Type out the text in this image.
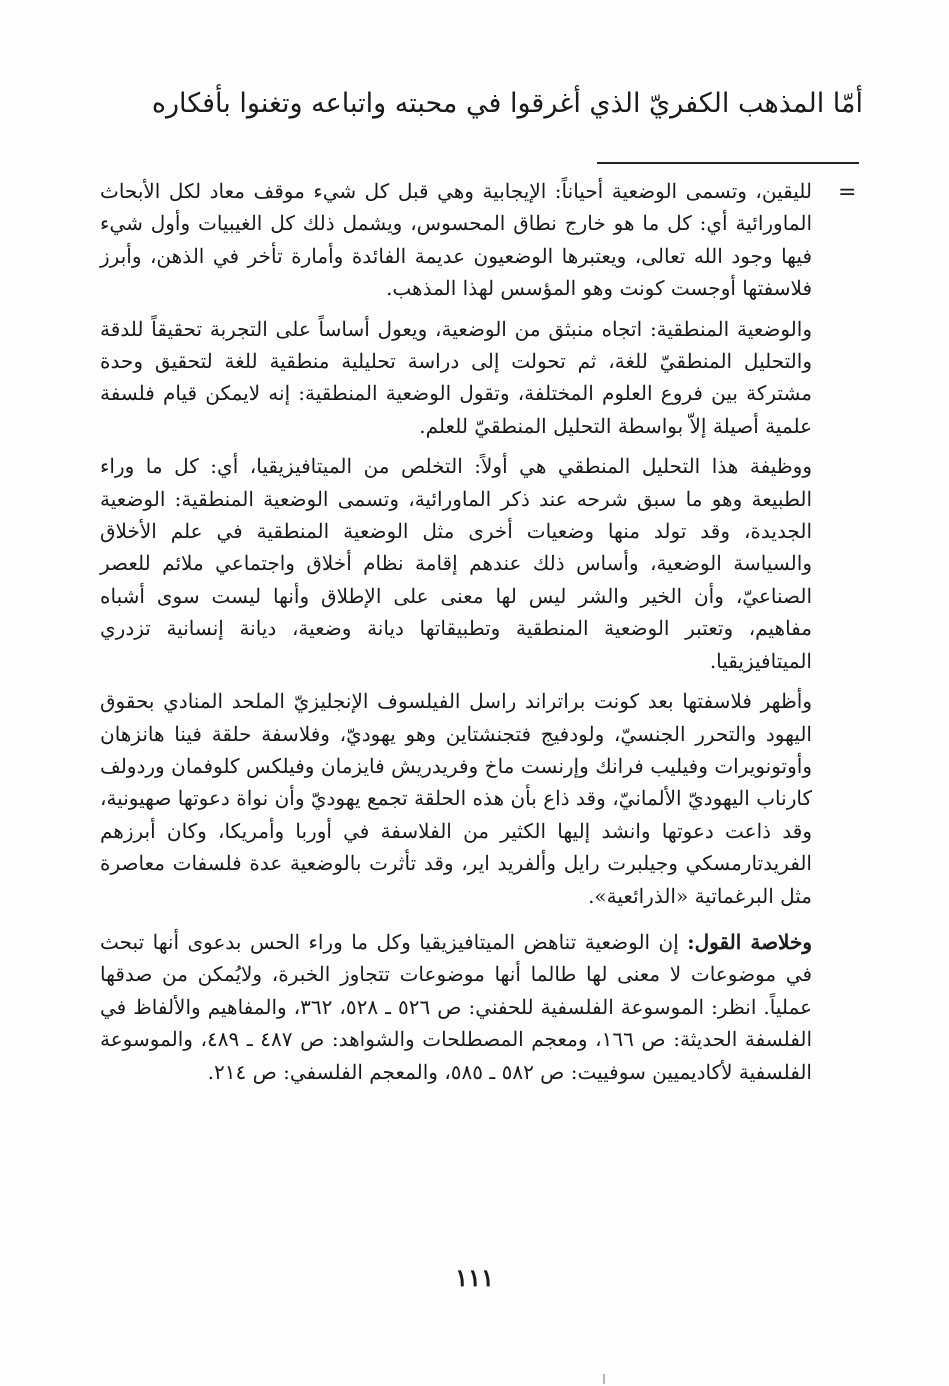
أمّا المذهب الكفريّ الذي أغرقوا في محبته واتباعه وتغنوا بأفكاره
=

لليقين، وتسمى الوضعية أحياناً: الإيجابية وهي قبل كل شيء موقف معاد لكل الأبحاث الماورائية أي: كل ما هو خارج نطاق المحسوس، ويشمل ذلك كل الغيبيات وأول شيء فيها وجود الله تعالى، ويعتبرها الوضعيون عديمة الفائدة وأمارة تأخر في الذهن، وأبرز فلاسفتها أوجست كونت وهو المؤسس لهذا المذهب.

والوضعية المنطقية: اتجاه منبثق من الوضعية، ويعول أساساً على التجربة تحقيقاً للدقة والتحليل المنطقيّ للغة، ثم تحولت إلى دراسة تحليلية منطقية للغة لتحقيق وحدة مشتركة بين فروع العلوم المختلفة، وتقول الوضعية المنطقية: إنه لايمكن قيام فلسفة علمية أصيلة إلاّ بواسطة التحليل المنطقيّ للعلم.

ووظيفة هذا التحليل المنطقي هي أولاً: التخلص من الميتافيزيقيا، أي: كل ما وراء الطبيعة وهو ما سبق شرحه عند ذكر الماورائية، وتسمى الوضعية المنطقية: الوضعية الجديدة، وقد تولد منها وضعيات أخرى مثل الوضعية المنطقية في علم الأخلاق والسياسة الوضعية، وأساس ذلك عندهم إقامة نظام أخلاق واجتماعي ملائم للعصر الصناعيّ، وأن الخير والشر ليس لها معنى على الإطلاق وأنها ليست سوى أشباه مفاهيم، وتعتبر الوضعية المنطقية وتطبيقاتها ديانة وضعية، ديانة إنسانية تزدري الميتافيزيقيا.

وأظهر فلاسفتها بعد كونت براتراند راسل الفيلسوف الإنجليزيّ الملحد المنادي بحقوق اليهود والتحرر الجنسيّ، ولودفيج فتجنشتاين وهو يهوديّ، وفلاسفة حلقة فينا هانزهان وأوتونويرات وفيليب فرانك وإرنست ماخ وفريدريش فايزمان وفيلكس كلوفمان وردولف كارناب اليهوديّ الألمانيّ، وقد ذاع بأن هذه الحلقة تجمع يهوديّ وأن نواة دعوتها صهيونية، وقد ذاعت دعوتها وانشد إليها الكثير من الفلاسفة في أوربا وأمريكا، وكان أبرزهم الفريدتارمسكي وجيلبرت رايل وألفريد اير، وقد تأثرت بالوضعية عدة فلسفات معاصرة مثل البرغماتية «الذرائعية».

وخلاصة القول: إن الوضعية تناهض الميتافيزيقيا وكل ما وراء الحس بدعوى أنها تبحث في موضوعات لا معنى لها طالما أنها موضوعات تتجاوز الخبرة، ولايُمكن من صدقها عملياً. انظر: الموسوعة الفلسفية للحفني: ص ٥٢٦ ـ ٥٢٨، ٣٦٢، والمفاهيم والألفاظ في الفلسفة الحديثة: ص ١٦٦، ومعجم المصطلحات والشواهد: ص ٤٨٧ ـ ٤٨٩، والموسوعة الفلسفية لأكاديميين سوفييت: ص ٥٨٢ ـ ٥٨٥، والمعجم الفلسفي: ص ٢١٤.

١١١
